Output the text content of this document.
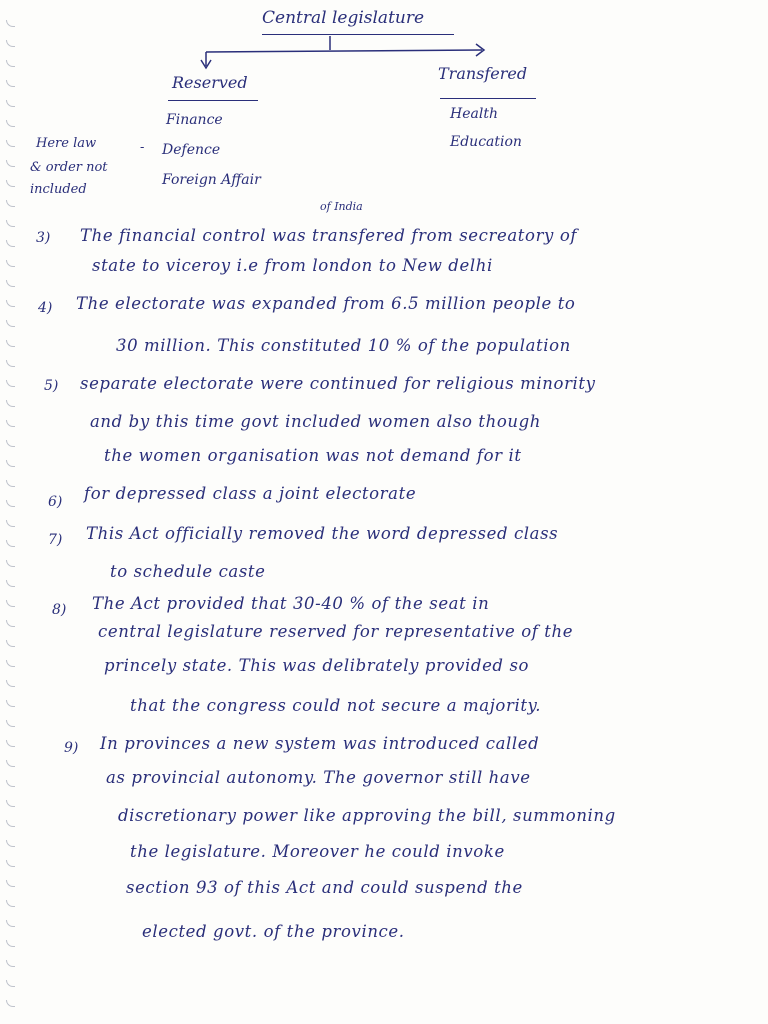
Central legislature
Reserved	Transfered
Finance
Defence
Foreign Affair
Health
Education
Here law	-
& order not
included
of India
3) The financial control was transfered from secreatory of
state to viceroy i.e from london to New delhi
4) The electorate was expanded from 6.5 million people to
30 million. This constituted 10 % of the population
5) separate electorate were continued for religious minority
and by this time govt included women also though
the women organisation was not demand for it
6) for depressed class a joint electorate
7) This Act officially removed the word depressed class
to schedule caste
8) The Act provided that 30-40 % of the seat in
central legislature reserved for representative of the
princely state. This was delibrately provided so
that the congress could not secure a majority.
9) In provinces a new system was introduced called
as provincial autonomy. The governor still have
discretionary power like approving the bill, summoning
the legislature. Moreover he could invoke
section 93 of this Act and could suspend the
elected govt. of the province.
